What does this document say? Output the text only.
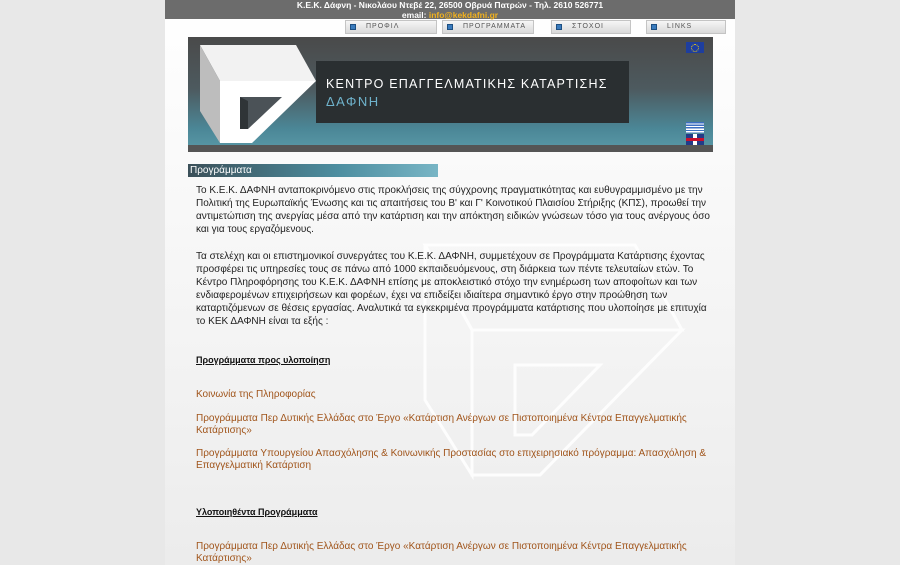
Κ.Ε.Κ. Δάφνη - Νικολάου Ντεβέ 22, 26500 Οβρυά Πατρών - Τηλ. 2610 526771
email: info@kekdafni.gr
ΠΡΟΦΙΛ	ΠΡΟΓΡΑΜΜΑΤΑ	ΣΤΟΧΟΙ	LINKS
ΚΕΝΤΡΟ ΕΠΑΓΓΕΛΜΑΤΙΚΗΣ ΚΑΤΑΡΤΙΣΗΣ
ΔΑΦΝΗ
Προγράμματα

Το Κ.Ε.Κ. ΔΑΦΝΗ ανταποκρινόμενο στις προκλήσεις της σύγχρονης πραγματικότητας και ευθυγραμμισμένο με την Πολιτική της Ευρωπαϊκής Ένωσης και τις απαιτήσεις του Β' και Γ' Κοινοτικού Πλαισίου Στήριξης (ΚΠΣ), προωθεί την αντιμετώπιση της ανεργίας μέσα από την κατάρτιση και την απόκτηση ειδικών γνώσεων τόσο για τους ανέργους όσο και για τους εργαζόμενους.

Τα στελέχη και οι επιστημονικοί συνεργάτες του Κ.Ε.Κ. ΔΑΦΝΗ, συμμετέχουν σε Προγράμματα Κατάρτισης έχοντας προσφέρει τις υπηρεσίες τους σε πάνω από 1000 εκπαιδευόμενους, στη διάρκεια των πέντε τελευταίων ετών. Το Κέντρο Πληροφόρησης του Κ.Ε.Κ. ΔΑΦΝΗ επίσης με αποκλειστικό στόχο την ενημέρωση των αποφοίτων και των ενδιαφερομένων επιχειρήσεων και φορέων, έχει να επιδείξει ιδιαίτερα σημαντικό έργο στην προώθηση των καταρτιζόμενων σε θέσεις εργασίας. Αναλυτικά τα εγκεκριμένα προγράμματα κατάρτισης που υλοποίησε με επιτυχία το ΚΕΚ ΔΑΦΝΗ είναι τα εξής :

Προγράμματα προς υλοποίηση
Κοινωνία της Πληροφορίας
Προγράμματα Περ Δυτικής Ελλάδας στο Έργο «Κατάρτιση Ανέργων σε Πιστοποιημένα Κέντρα Επαγγελματικής Κατάρτισης»
Προγράμματα Υπουργείου Απασχόλησης & Κοινωνικής Προστασίας στο επιχειρησιακό πρόγραμμα: Απασχόληση & Επαγγελματική Κατάρτιση
Υλοποιηθέντα Προγράμματα
Προγράμματα Περ Δυτικής Ελλάδας στο Έργο «Κατάρτιση Ανέργων σε Πιστοποιημένα Κέντρα Επαγγελματικής Κατάρτισης»
